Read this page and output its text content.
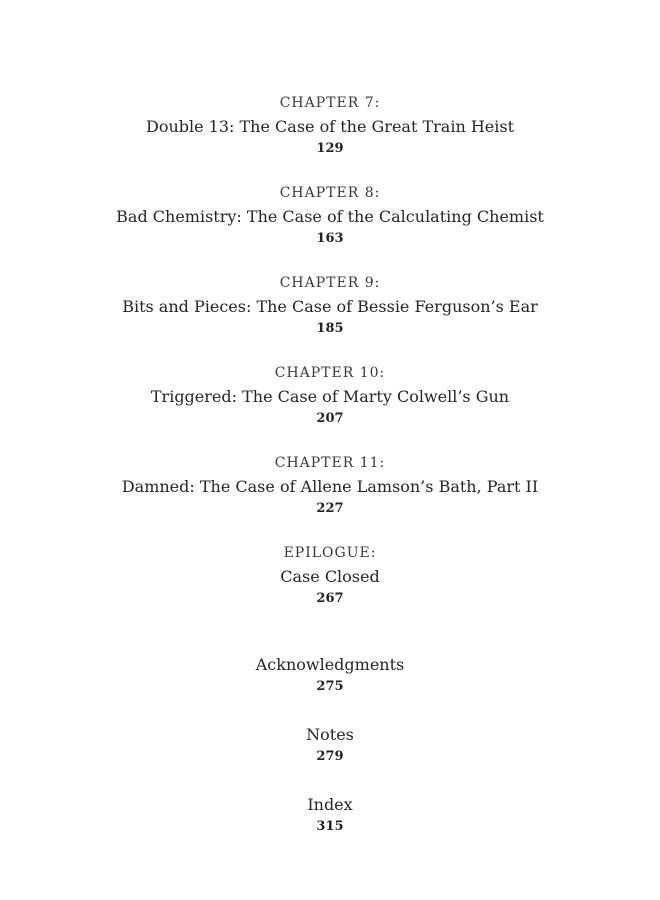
CHAPTER 7:
Double 13: The Case of the Great Train Heist
129
CHAPTER 8:
Bad Chemistry: The Case of the Calculating Chemist
163
CHAPTER 9:
Bits and Pieces: The Case of Bessie Ferguson’s Ear
185
CHAPTER 10:
Triggered: The Case of Marty Colwell’s Gun
207
CHAPTER 11:
Damned: The Case of Allene Lamson’s Bath, Part II
227
EPILOGUE:
Case Closed
267
Acknowledgments
275
Notes
279
Index
315
